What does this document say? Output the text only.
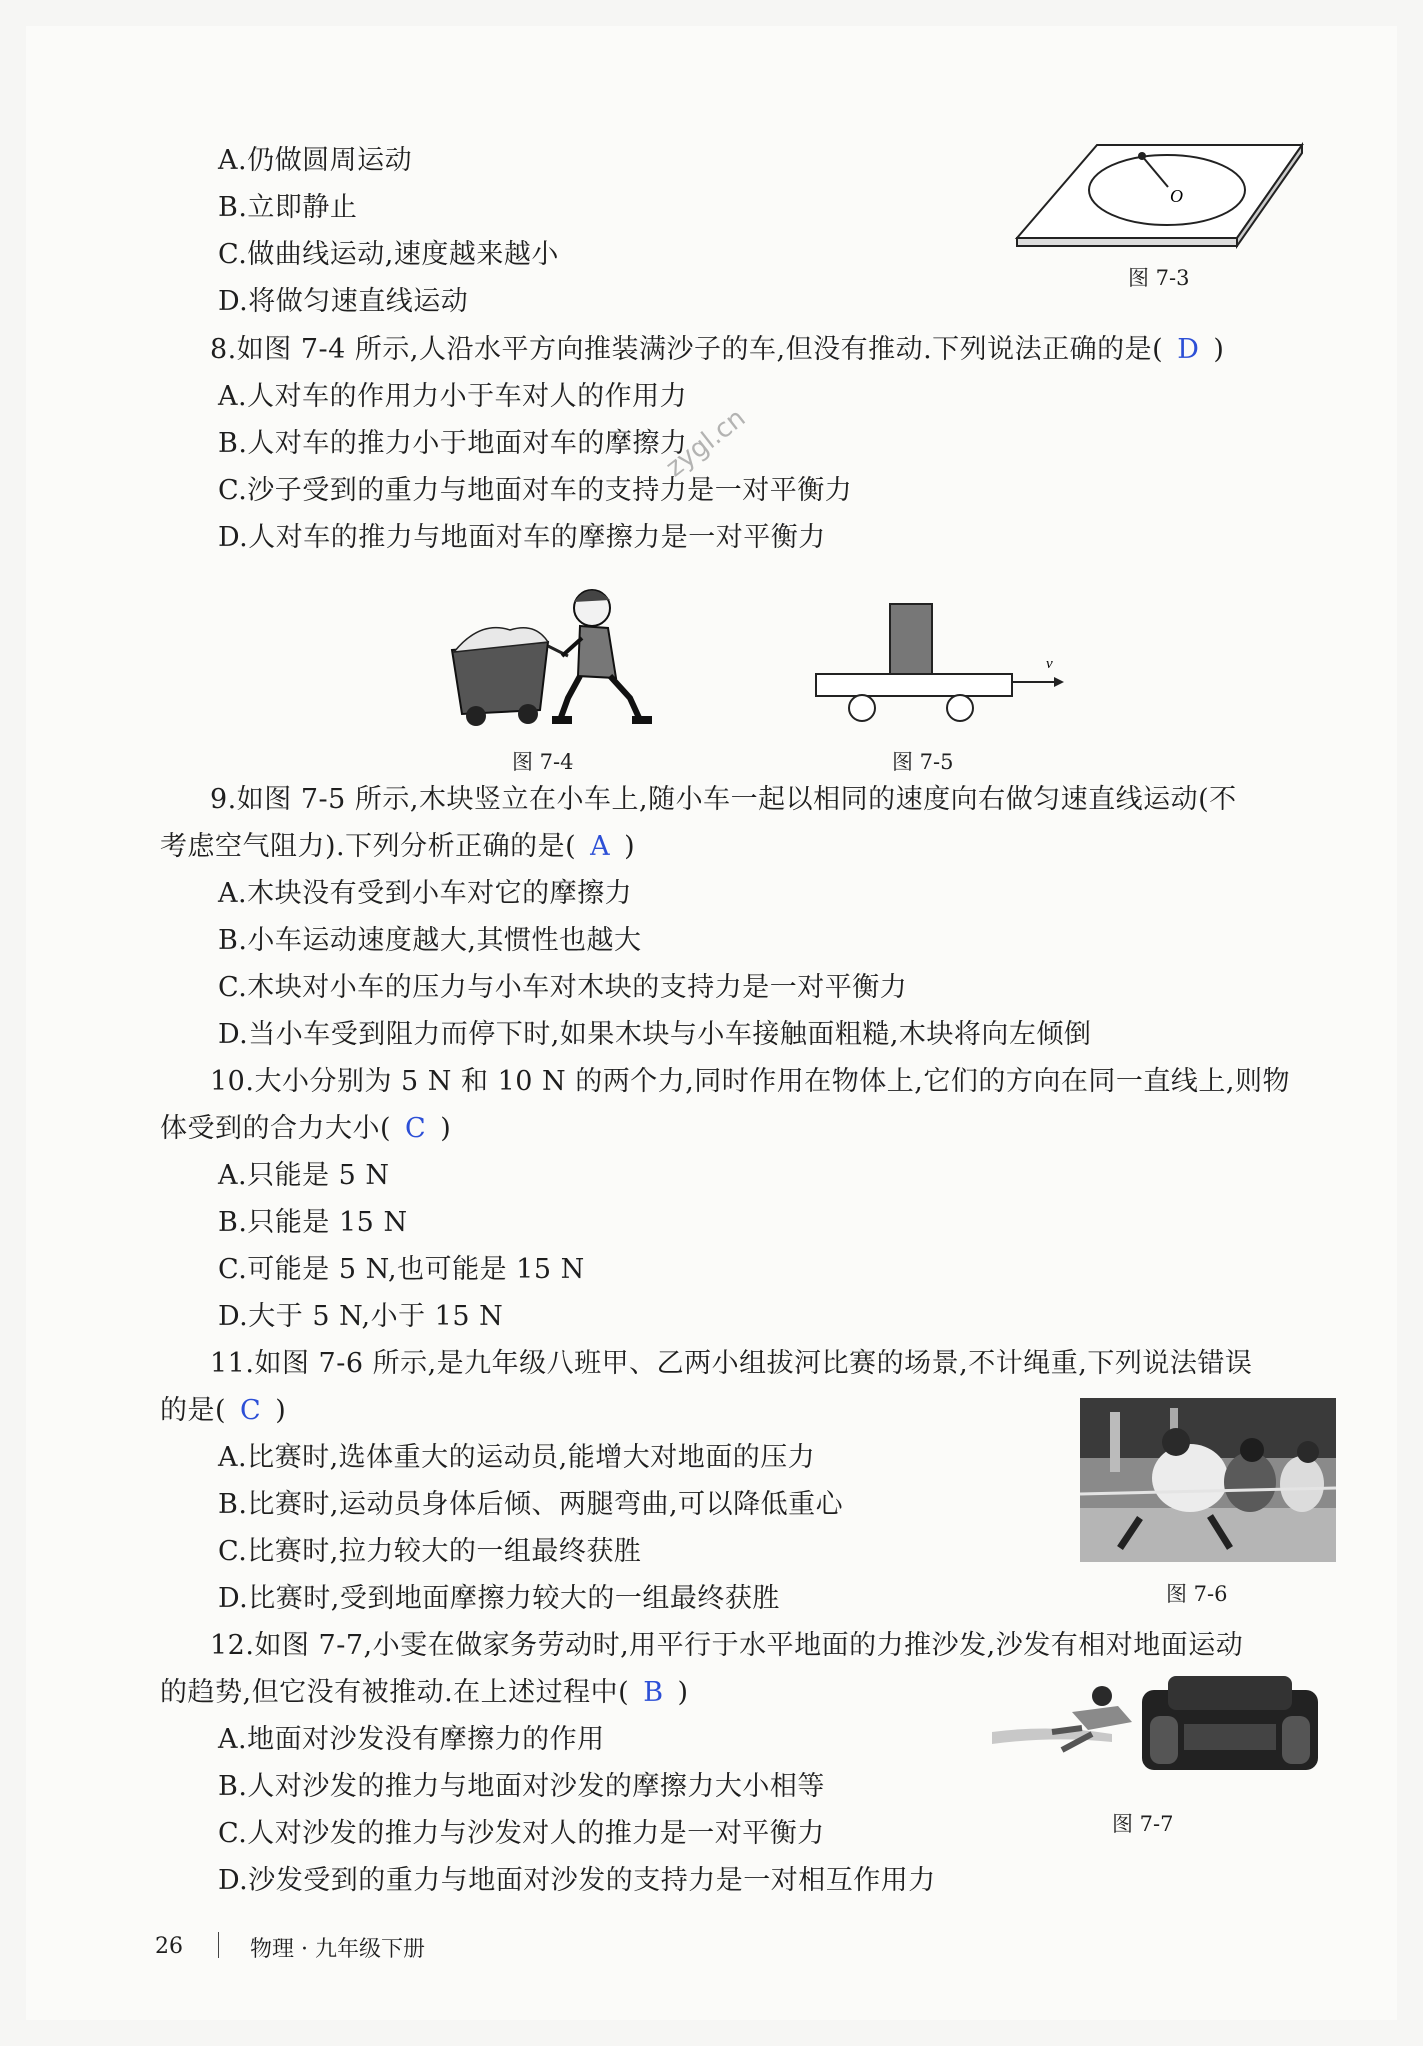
A.仍做圆周运动
B.立即静止
C.做曲线运动,速度越来越小
D.将做匀速直线运动
O
图 7-3
8.如图 7-4 所示,人沿水平方向推装满沙子的车,但没有推动.下列说法正确的是( D )
A.人对车的作用力小于车对人的作用力
B.人对车的推力小于地面对车的摩擦力
C.沙子受到的重力与地面对车的支持力是一对平衡力
D.人对车的推力与地面对车的摩擦力是一对平衡力
zygl.cn
图 7-4
v
图 7-5
9.如图 7-5 所示,木块竖立在小车上,随小车一起以相同的速度向右做匀速直线运动(不
考虑空气阻力).下列分析正确的是( A )
A.木块没有受到小车对它的摩擦力
B.小车运动速度越大,其惯性也越大
C.木块对小车的压力与小车对木块的支持力是一对平衡力
D.当小车受到阻力而停下时,如果木块与小车接触面粗糙,木块将向左倾倒
10.大小分别为 5 N 和 10 N 的两个力,同时作用在物体上,它们的方向在同一直线上,则物
体受到的合力大小( C )
A.只能是 5 N
B.只能是 15 N
C.可能是 5 N,也可能是 15 N
D.大于 5 N,小于 15 N
11.如图 7-6 所示,是九年级八班甲、乙两小组拔河比赛的场景,不计绳重,下列说法错误
的是( C )
A.比赛时,选体重大的运动员,能增大对地面的压力
B.比赛时,运动员身体后倾、两腿弯曲,可以降低重心
C.比赛时,拉力较大的一组最终获胜
D.比赛时,受到地面摩擦力较大的一组最终获胜	图 7-6
12.如图 7-7,小雯在做家务劳动时,用平行于水平地面的力推沙发,沙发有相对地面运动
的趋势,但它没有被推动.在上述过程中( B )
A.地面对沙发没有摩擦力的作用
B.人对沙发的推力与地面对沙发的摩擦力大小相等
C.人对沙发的推力与沙发对人的推力是一对平衡力
D.沙发受到的重力与地面对沙发的支持力是一对相互作用力
图 7-7
26	物理 · 九年级下册
